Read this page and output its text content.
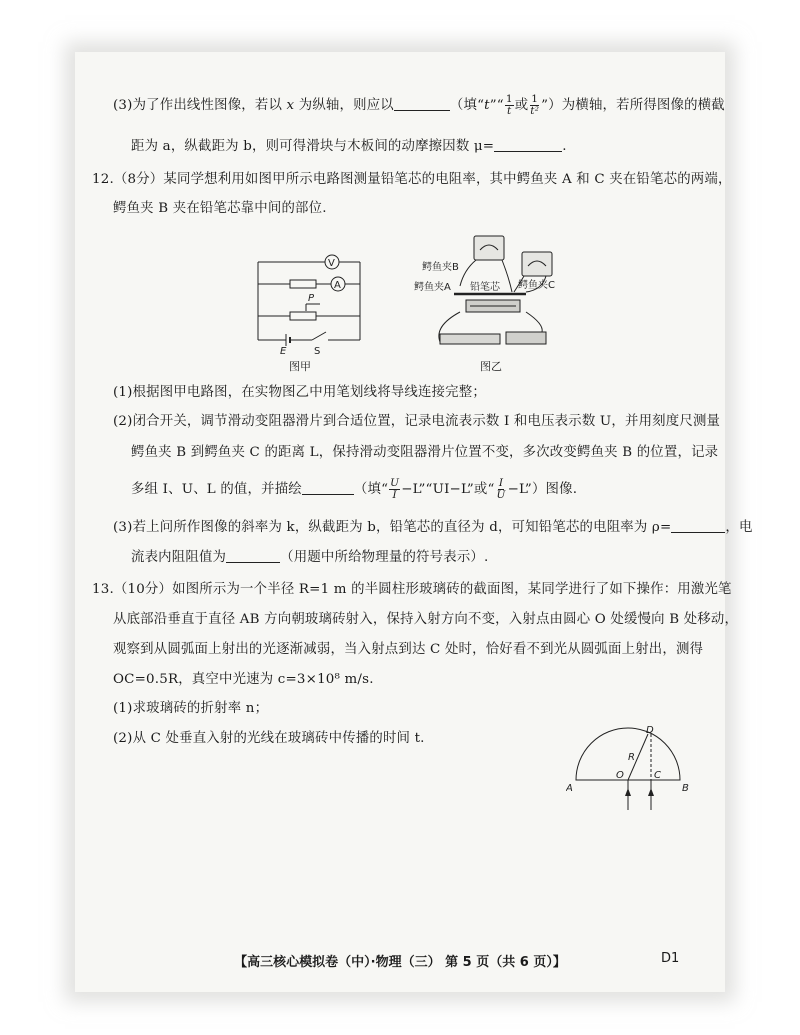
(3)为了作出线性图像，若以 x 为纵轴，则应以	（填“t”“ $\frac{1}{t}$ 或 $\frac{1}{\text{t²}}$ ”）为横轴，若所得图像的横截
距为 a，纵截距为 b，则可得滑块与木板间的动摩擦因数 μ=	.
12.（8分）某同学想利用如图甲所示电路图测量铅笔芯的电阻率，其中鳄鱼夹 A 和 C 夹在铅笔芯的两端，
鳄鱼夹 B 夹在铅笔芯靠中间的部位.
V
A
P
E	S
图甲
鳄鱼夹B
鳄鱼夹A	鳄鱼夹C
铅笔芯
图乙
(1)根据图甲电路图，在实物图乙中用笔划线将导线连接完整；
(2)闭合开关，调节滑动变阻器滑片到合适位置，记录电流表示数 I 和电压表示数 U，并用刻度尺测量
鳄鱼夹 B 到鳄鱼夹 C 的距离 L，保持滑动变阻器滑片位置不变，多次改变鳄鱼夹 B 的位置，记录
多组 I、U、L 的值，并描绘	（填“ $\frac{U}{I}$ −L”“UI−L”或“ $\frac{I}{U}$ −L”）图像.
(3)若上问所作图像的斜率为 k，纵截距为 b，铅笔芯的直径为 d，可知铅笔芯的电阻率为 ρ=	，电
流表内阻阻值为	（用题中所给物理量的符号表示）.
13.（10分）如图所示为一个半径 R=1 m 的半圆柱形玻璃砖的截面图，某同学进行了如下操作：用激光笔
从底部沿垂直于直径 AB 方向朝玻璃砖射入，保持入射方向不变，入射点由圆心 O 处缓慢向 B 处移动，
观察到从圆弧面上射出的光逐渐减弱，当入射点到达 C 处时，恰好看不到光从圆弧面上射出，测得
OC=0.5R，真空中光速为 c=3×10⁸ m/s.
(1)求玻璃砖的折射率 n；
(2)从 C 处垂直入射的光线在玻璃砖中传播的时间 t.
A	B
O	C
D
R
【高三核心模拟卷（中）·物理（三） 第 5 页（共 6 页）】	D1
